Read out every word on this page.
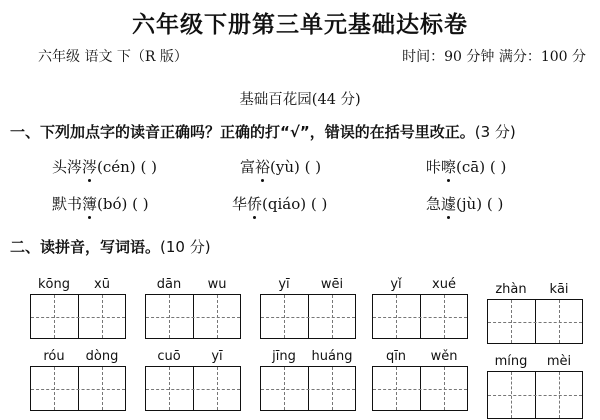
六年级下册第三单元基础达标卷
六年级 语文 下（R 版）	时间：90 分钟 满分：100 分
基础百花园(44 分)
一、下列加点字的读音正确吗？正确的打“√”，错误的在括号里改正。(3 分)
头涔涔(cén) ( )	富裕(yù) ( )	咔嚓(cā) ( )
默书簿(bó) ( )	华侨(qiáo) ( )	急遽(jù) ( )
二、读拼音，写词语。(10 分)
kōng	xū	dān	wu	yī	wēi	yǐ	xué	zhàn	kāi
róu	dòng	cuō	yī	jīng	huáng	qīn	wěn	míng	mèi
